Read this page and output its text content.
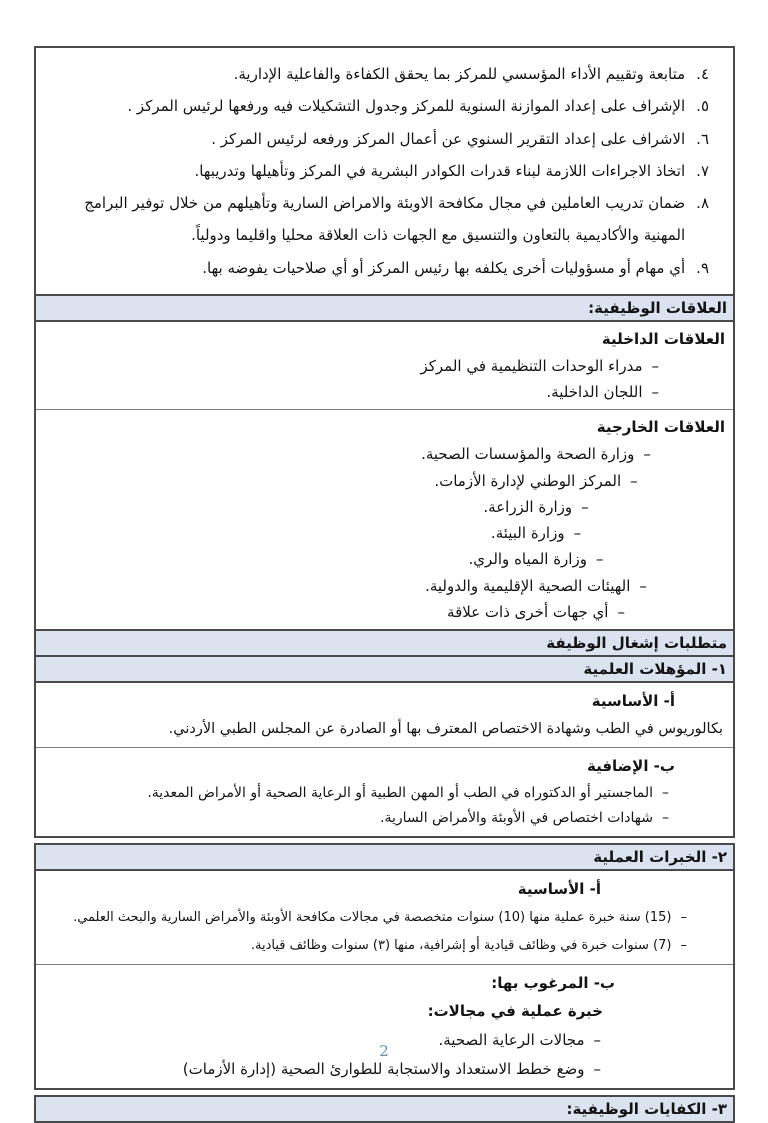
٤.
متابعة وتقييم الأداء المؤسسي للمركز بما يحقق الكفاءة والفاعلية الإدارية.

٥.
الإشراف على إعداد الموازنة السنوية للمركز وجدول التشكيلات فيه ورفعها لرئيس المركز .

٦.
الاشراف على إعداد التقرير السنوي عن أعمال المركز ورفعه لرئيس المركز .

٧.
اتخاذ الاجراءات اللازمة لبناء قدرات الكوادر البشرية في المركز وتأهيلها وتدريبها.

٨.
ضمان تدريب العاملين في مجال مكافحة الاوبئة والامراض السارية وتأهيلهم من خلال توفير البرامج المهنية والأكاديمية بالتعاون والتنسيق مع الجهات ذات العلاقة محليا واقليما ودولياً.

٩.
أي مهام أو مسؤوليات أخرى يكلفه بها رئيس المركز أو أي صلاحيات يفوضه بها.

العلاقات الوظيفية:
العلاقات الداخلية
–مدراء الوحدات التنظيمية في المركز
–اللجان الداخلية.
العلاقات الخارجية
–وزارة الصحة والمؤسسات الصحية.
–المركز الوطني لإدارة الأزمات.
–وزارة الزراعة.
–وزارة البيئة.
–وزارة المياه والري.
–الهيئات الصحية الإقليمية والدولية.
–أي جهات أخرى ذات علاقة
متطلبات إشغال الوظيفة
١- المؤهلات العلمية
أ- الأساسية
بكالوريوس في الطب وشهادة الاختصاص المعترف بها أو الصادرة عن المجلس الطبي الأردني.
ب- الإضافية
–الماجستير أو الدكتوراه في الطب أو المهن الطبية أو الرعاية الصحية أو الأمراض المعدية.
–شهادات اختصاص في الأوبئة والأمراض السارية.
٢- الخبرات العملية
أ- الأساسية
–(15) سنة خبرة عملية منها (10) سنوات متخصصة في مجالات مكافحة الأوبئة والأمراض السارية والبحث العلمي.
–(7) سنوات خبرة في وظائف قيادية أو إشرافية، منها (٣) سنوات وظائف قيادية.
ب- المرغوب بها:
خبرة عملية في مجالات:
–مجالات الرعاية الصحية.
–وضع خطط الاستعداد والاستجابة للطوارئ الصحية (إدارة الأزمات)
٣- الكفايات الوظيفية:
2
